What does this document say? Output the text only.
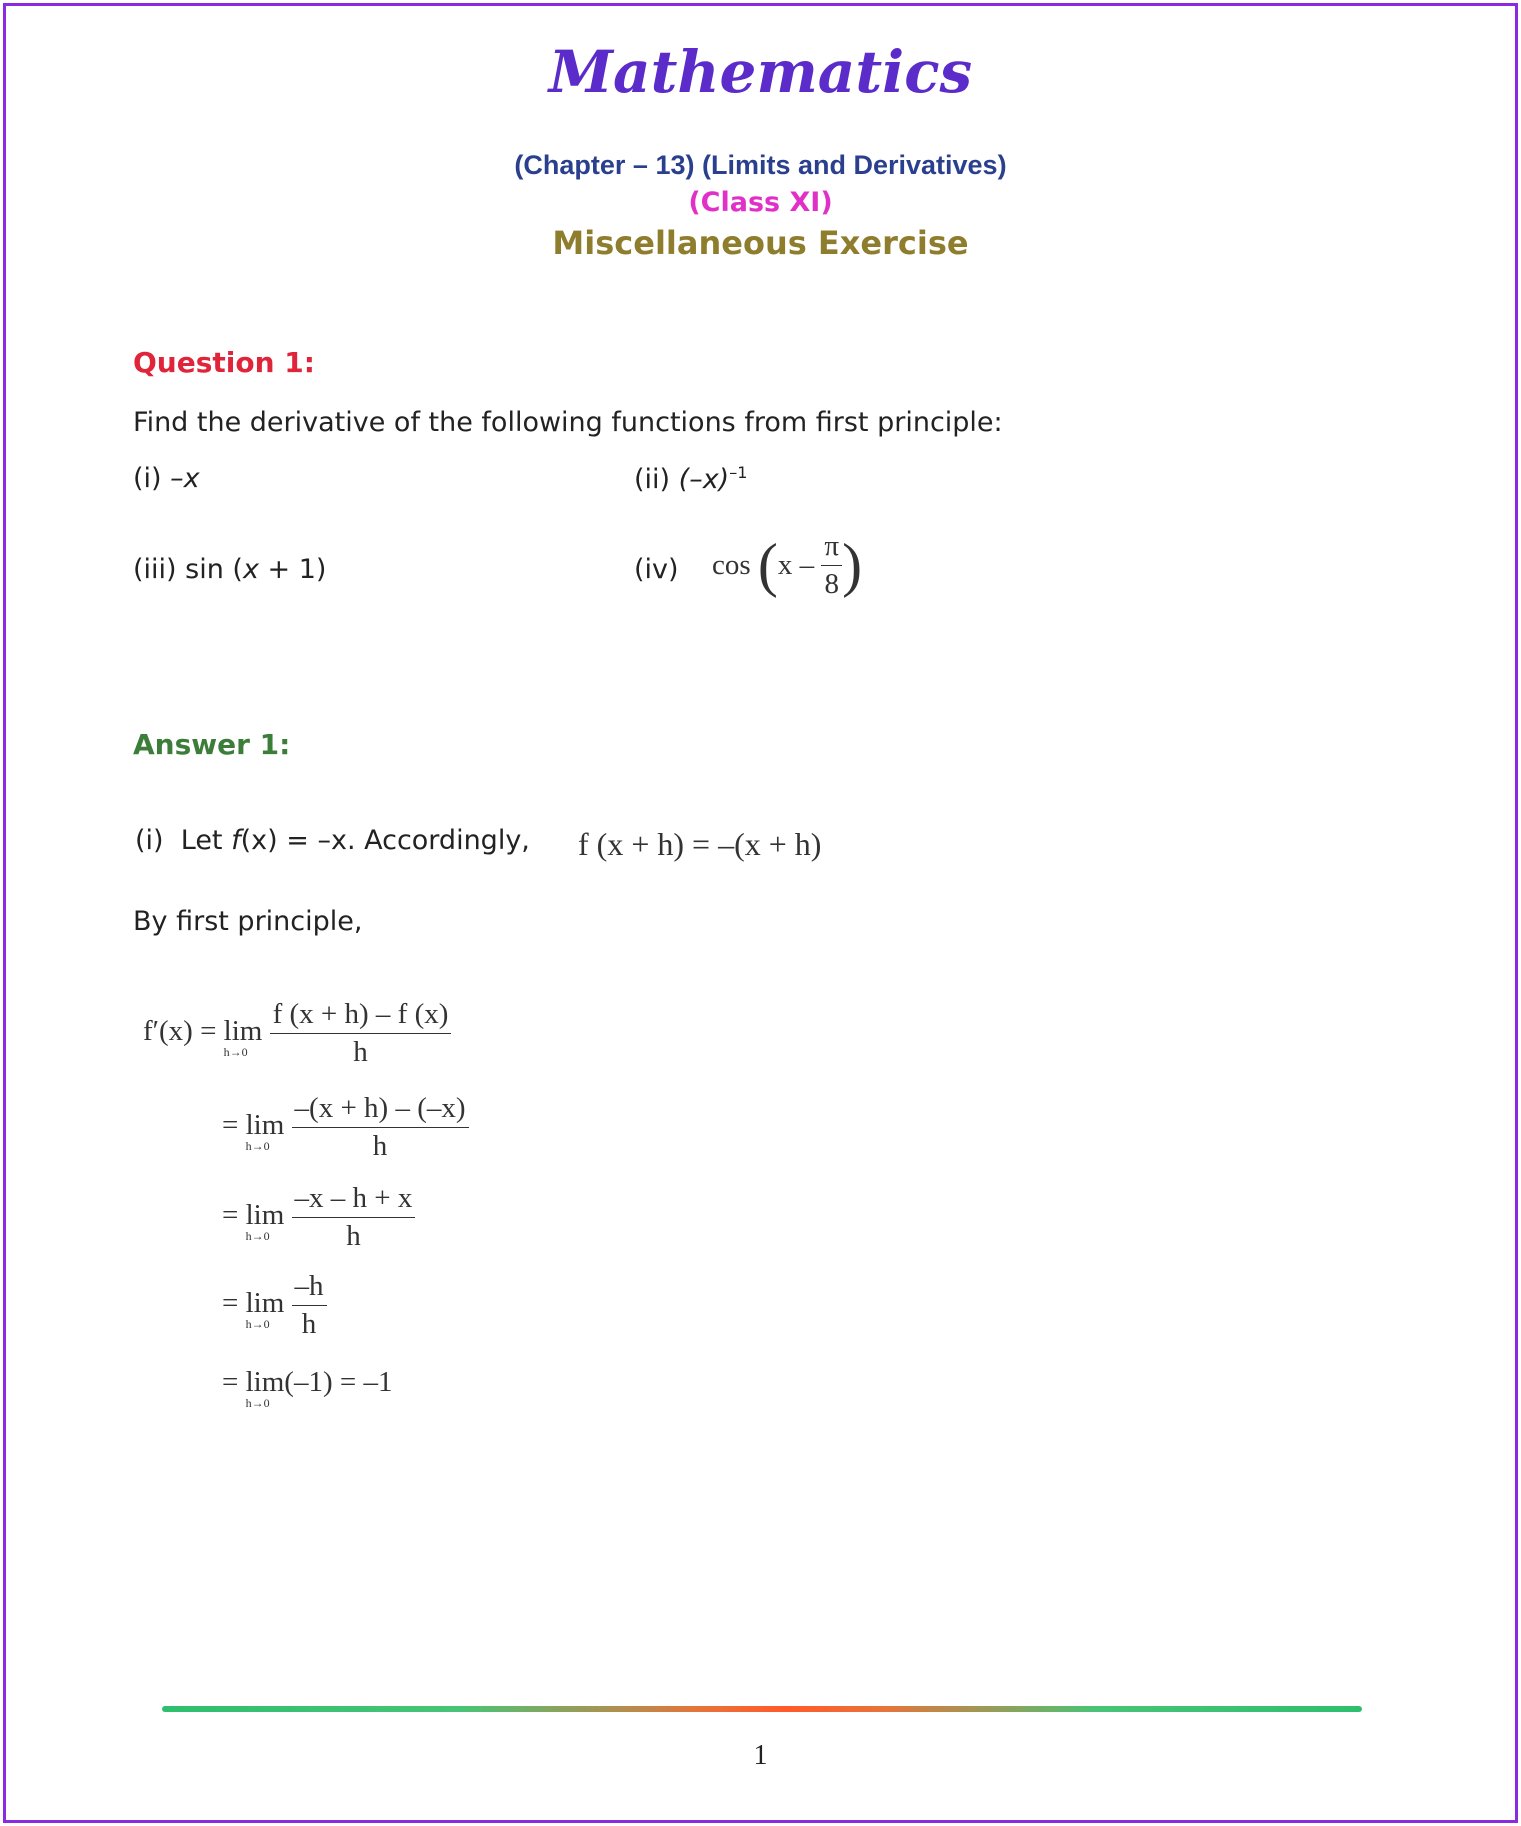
Mathematics
(Chapter – 13) (Limits and Derivatives)
(Class XI)
Miscellaneous Exercise
Question 1:
Find the derivative of the following functions from first principle:
(i) –x	(ii) $(-x)^{-1}$
(iii) sin (x + 1)	(iv) $\cos (x - \frac{\pi}{8}$ )
Answer 1:
(i) Let f(x) = –x. Accordingly, f (x + h) = –(x + h)
By first principle,
f′(x) = lim
h→0
$\frac{f (x + h) - f (x)}{h}$
= lim
h→0
$\frac{-(x + h) - (-x)}{h}$
= lim
h→0
$\frac{-x - h + x}{h}$
= lim
h→0
$\frac{-h}{h}$
= lim
h→0
(–1) = –1
1
